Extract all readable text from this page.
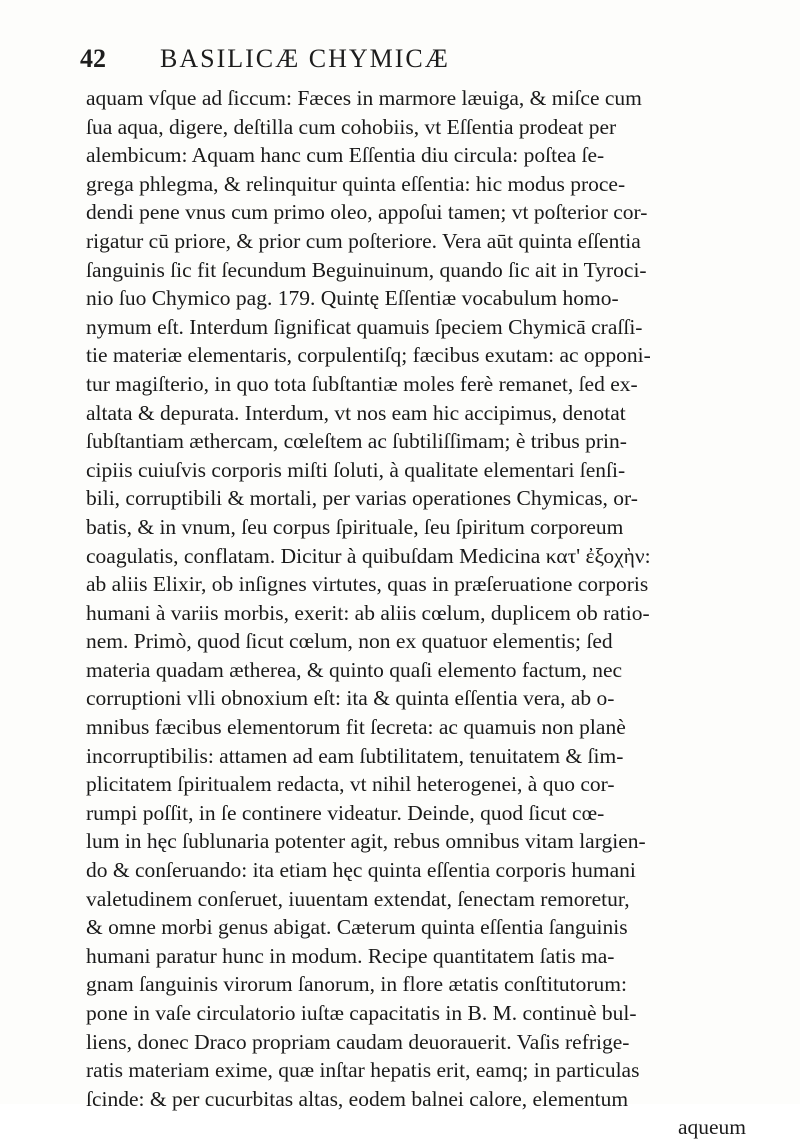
42 BASILICÆ CHYMICÆ
aquam vſque ad ſiccum: Fæces in marmore læuiga, & miſce cum
ſua aqua, digere, deſtilla cum cohobiis, vt Eſſentia prodeat per
alembicum: Aquam hanc cum Eſſentia diu circula: poſtea ſe-
grega phlegma, & relinquitur quinta eſſentia: hic modus proce-
dendi pene vnus cum primo oleo, appoſui tamen; vt poſterior cor-
rigatur cū priore, & prior cum poſteriore. Vera aūt quinta eſſentia
ſanguinis ſic fit ſecundum Beguinuinum, quando ſic ait in Tyroci-
nio ſuo Chymico pag. 179. Quintę Eſſentiæ vocabulum homo-
nymum eſt. Interdum ſignificat quamuis ſpeciem Chymicā craſſi-
tie materiæ elementaris, corpulentiſq; fæcibus exutam: ac opponi-
tur magiſterio, in quo tota ſubſtantiæ moles ferè remanet, ſed ex-
altata & depurata. Interdum, vt nos eam hic accipimus, denotat
ſubſtantiam æthercam, cœleſtem ac ſubtiliſſimam; è tribus prin-
cipiis cuiuſvis corporis miſti ſoluti, à qualitate elementari ſenſi-
bili, corruptibili & mortali, per varias operationes Chymicas, or-
batis, & in vnum, ſeu corpus ſpirituale, ſeu ſpiritum corporeum
coagulatis, conflatam. Dicitur à quibuſdam Medicina κατ' ἐξοχὴν:
ab aliis Elixir, ob inſignes virtutes, quas in præſeruatione corporis
humani à variis morbis, exerit: ab aliis cœlum, duplicem ob ratio-
nem. Primò, quod ſicut cœlum, non ex quatuor elementis; ſed
materia quadam ætherea, & quinto quaſi elemento factum, nec
corruptioni vlli obnoxium eſt: ita & quinta eſſentia vera, ab o-
mnibus fæcibus elementorum fit ſecreta: ac quamuis non planè
incorruptibilis: attamen ad eam ſubtilitatem, tenuitatem & ſim-
plicitatem ſpiritualem redacta, vt nihil heterogenei, à quo cor-
rumpi poſſit, in ſe continere videatur. Deinde, quod ſicut cœ-
lum in hęc ſublunaria potenter agit, rebus omnibus vitam largien-
do & conſeruando: ita etiam hęc quinta eſſentia corporis humani
valetudinem conſeruet, iuuentam extendat, ſenectam remoretur,
& omne morbi genus abigat. Cæterum quinta eſſentia ſanguinis
humani paratur hunc in modum. Recipe quantitatem ſatis ma-
gnam ſanguinis virorum ſanorum, in flore ætatis conſtitutorum:
pone in vaſe circulatorio iuſtæ capacitatis in B. M. continuè bul-
liens, donec Draco propriam caudam deuorauerit. Vaſis refrige-
ratis materiam exime, quæ inſtar hepatis erit, eamq; in particulas
ſcinde: & per cucurbitas altas, eodem balnei calore, elementum
aqueum
